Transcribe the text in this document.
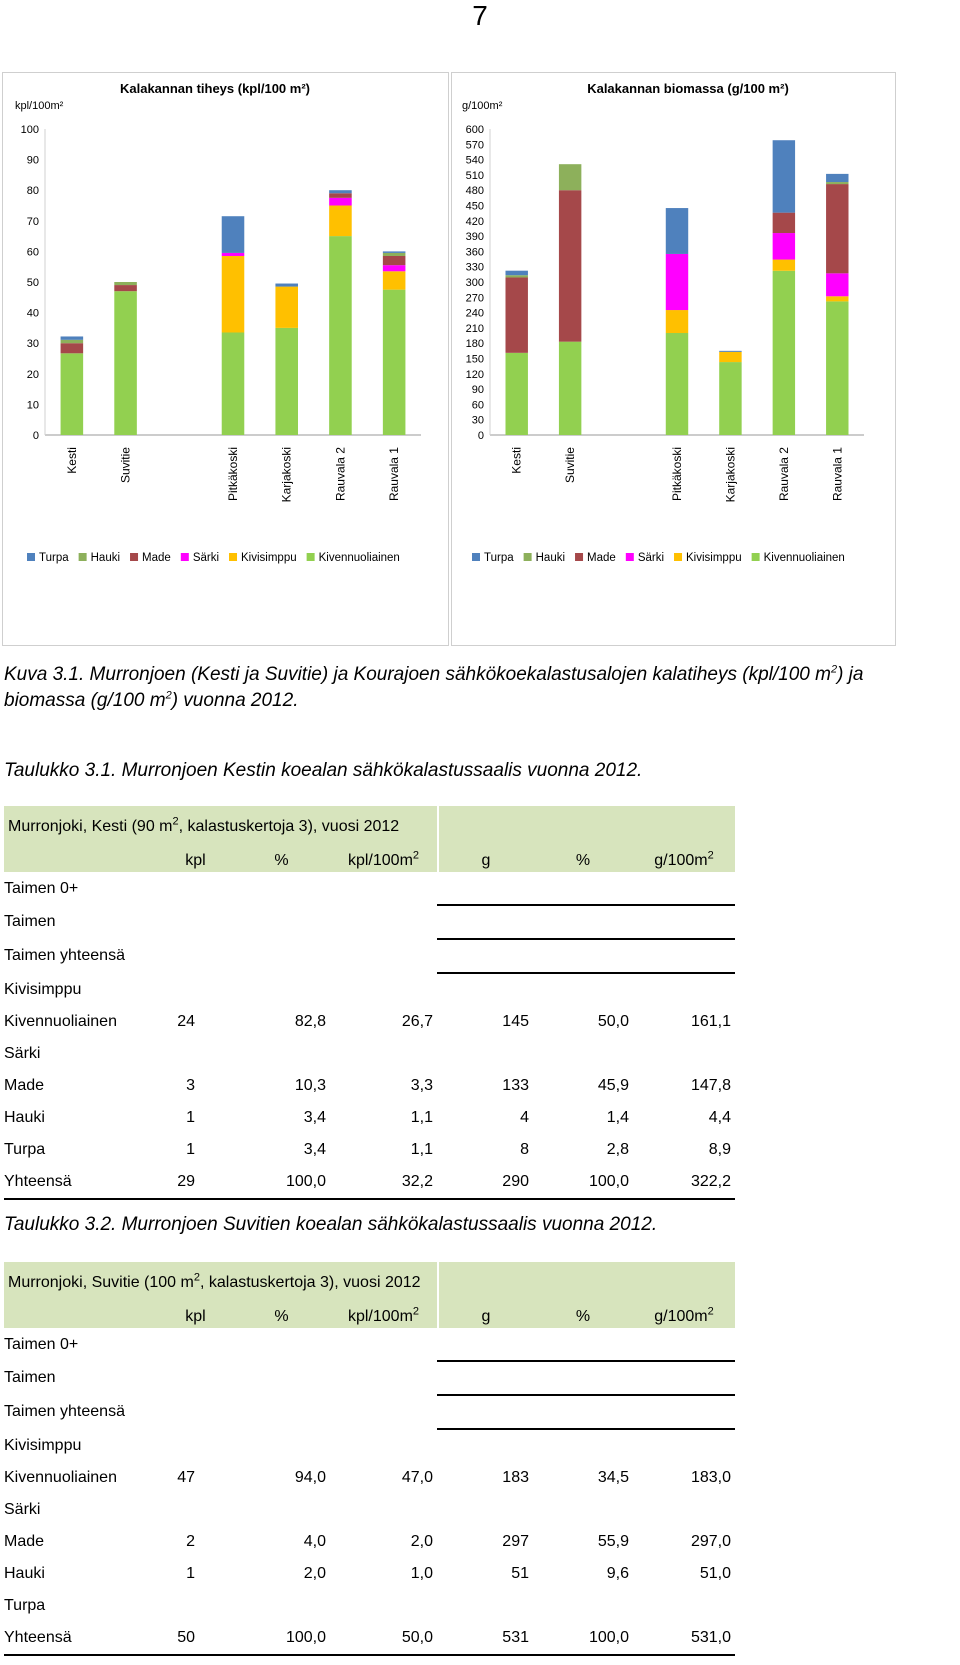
7
kpl/100m²
Kalakannan tiheys (kpl/100 m²)
0
10
20
30
40
50
60
70
80
90
100
Kesti	Suvitie	Pitkäkoski	Karjakoski	Rauvala 2	Rauvala 1
Turpa Hauki Made Särki Kivisimppu Kivennuoliainen
g/100m²
Kalakannan biomassa (g/100 m²)
0
30
60
90
120
150
180
210
240
270
300
330
360
390
420
450
480
510
540
570
600
Kesti	Suvitie	Pitkäkoski	Karjakoski	Rauvala 2	Rauvala 1
Turpa Hauki Made Särki Kivisimppu Kivennuoliainen
Kuva 3.1. Murronjoen (Kesti ja Suvitie) ja Kourajoen sähkökoekalastusalojen kalatiheys (kpl/100 $m^2$) ja
biomassa (g/100 $m^2$) vuonna 2012.
Taulukko 3.1. Murronjoen Kestin koealan sähkökalastussaalis vuonna 2012.
Murronjoki, Kesti (90 $m^2$, kalastuskertoja 3), vuosi 2012						
	kpl	%	kpl/$100m^2$	g	%	$g/100m^2$
Taimen 0+						
Taimen						
Taimen yhteensä						
Kivisimppu						
Kivennuoliainen	24	82,8	26,7	145	50,0	161,1
Särki						
Made	3	10,3	3,3	133	45,9	147,8
Hauki	1	3,4	1,1	4	1,4	4,4
Turpa	1	3,4	1,1	8	2,8	8,9
Yhteensä	29	100,0	32,2	290	100,0	322,2
Taulukko 3.2. Murronjoen Suvitien koealan sähkökalastussaalis vuonna 2012.
Murronjoki, Suvitie (100 $m^2$, kalastuskertoja 3), vuosi 2012						
	kpl	%	kpl/$100m^2$	g	%	$g/100m^2$
Taimen 0+						
Taimen						
Taimen yhteensä						
Kivisimppu						
Kivennuoliainen	47	94,0	47,0	183	34,5	183,0
Särki						
Made	2	4,0	2,0	297	55,9	297,0
Hauki	1	2,0	1,0	51	9,6	51,0
Turpa						
Yhteensä	50	100,0	50,0	531	100,0	531,0
